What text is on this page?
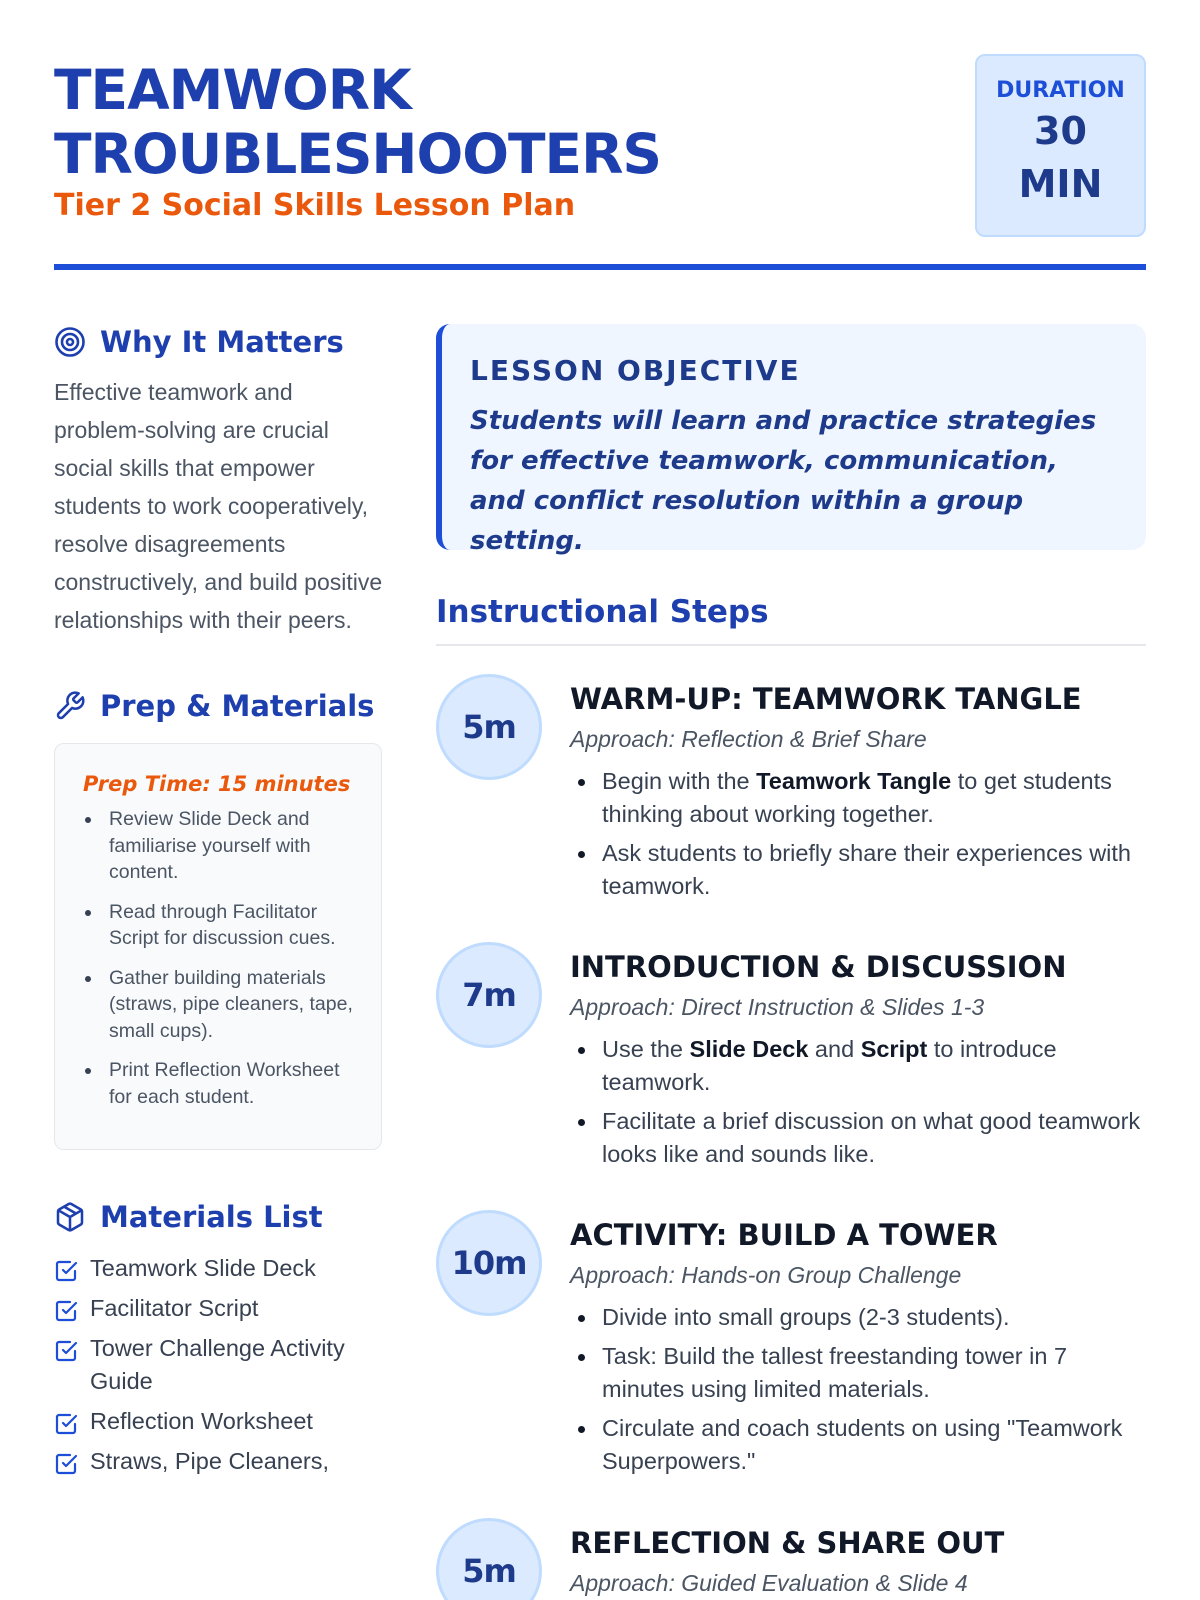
TEAMWORK
TROUBLESHOOTERS
Tier 2 Social Skills Lesson Plan
DURATION
30 MIN
Why It Matters

Effective teamwork and problem-solving are crucial social skills that empower students to work cooperatively, resolve disagreements constructively, and build positive relationships with their peers.

Prep & Materials
Prep Time: 15 minutes
Review Slide Deck and familiarise yourself with content.
Read through Facilitator Script for discussion cues.
Gather building materials (straws, pipe cleaners, tape, small cups).
Print Reflection Worksheet for each student.
Materials List
Teamwork Slide Deck
Facilitator Script
Tower Challenge Activity Guide
Reflection Worksheet
Straws, Pipe Cleaners,
LESSON OBJECTIVE
Students will learn and practice strategies for effective teamwork, communication, and conflict resolution within a group setting.
Instructional Steps
5m
WARM-UP: TEAMWORK TANGLE
Approach: Reflection & Brief Share
Begin with the Teamwork Tangle to get students thinking about working together.
Ask students to briefly share their experiences with teamwork.
7m
INTRODUCTION & DISCUSSION
Approach: Direct Instruction & Slides 1-3
Use the Slide Deck and Script to introduce teamwork.
Facilitate a brief discussion on what good teamwork looks like and sounds like.
10m
ACTIVITY: BUILD A TOWER
Approach: Hands-on Group Challenge
Divide into small groups (2-3 students).
Task: Build the tallest freestanding tower in 7 minutes using limited materials.
Circulate and coach students on using "Teamwork Superpowers."
5m
REFLECTION & SHARE OUT
Approach: Guided Evaluation & Slide 4
